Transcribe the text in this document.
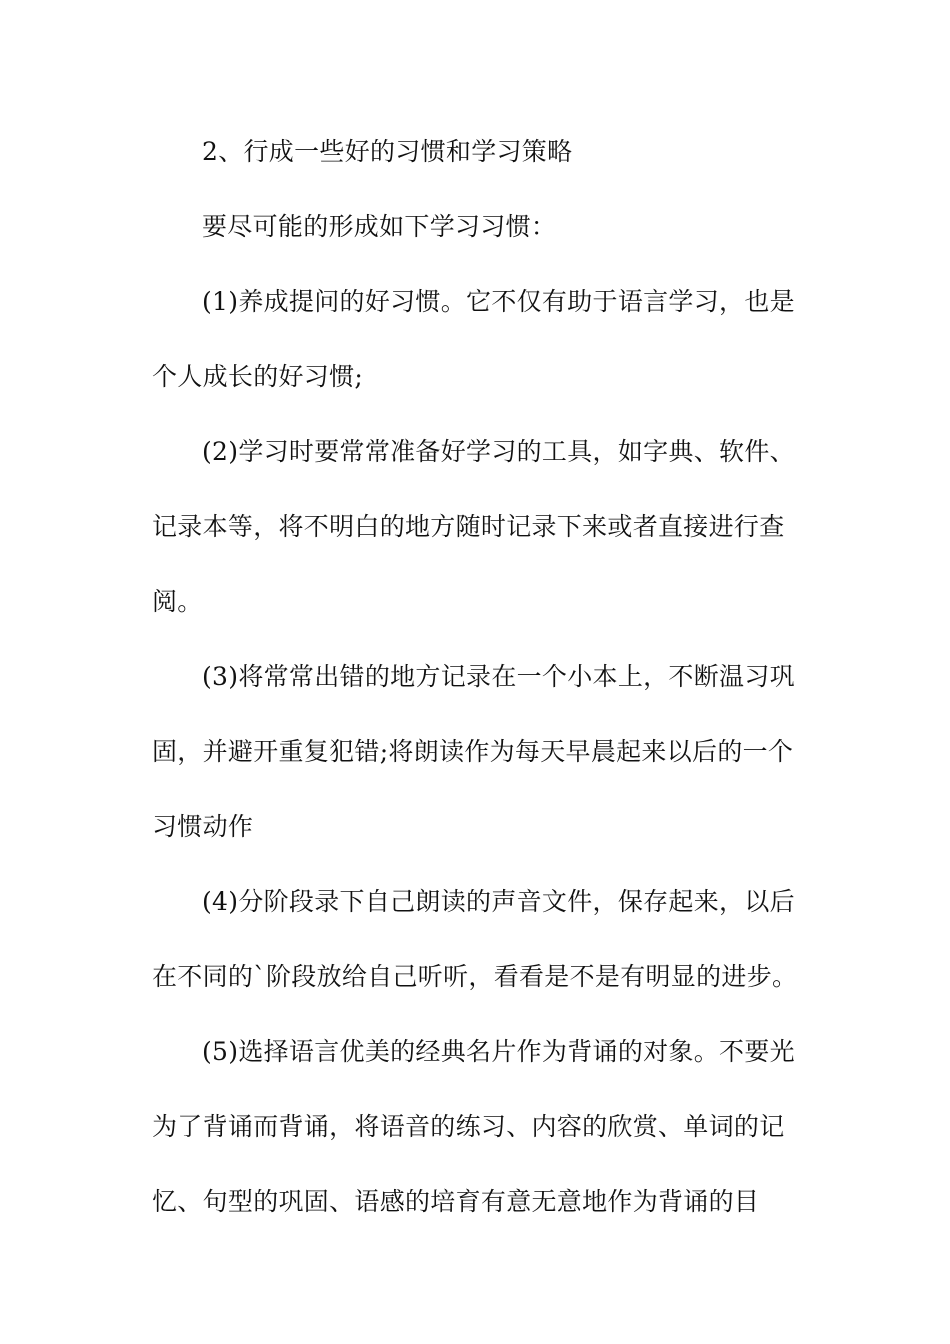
2、行成一些好的习惯和学习策略
要尽可能的形成如下学习习惯：
(1)养成提问的好习惯。它不仅有助于语言学习，也是
个人成长的好习惯;
(2)学习时要常常准备好学习的工具，如字典、软件、
记录本等，将不明白的地方随时记录下来或者直接进行查
阅。
(3)将常常出错的地方记录在一个小本上，不断温习巩
固，并避开重复犯错;将朗读作为每天早晨起来以后的一个
习惯动作
(4)分阶段录下自己朗读的声音文件，保存起来，以后
在不同的`阶段放给自己听听，看看是不是有明显的进步。
(5)选择语言优美的经典名片作为背诵的对象。不要光
为了背诵而背诵，将语音的练习、内容的欣赏、单词的记
忆、句型的巩固、语感的培育有意无意地作为背诵的目
